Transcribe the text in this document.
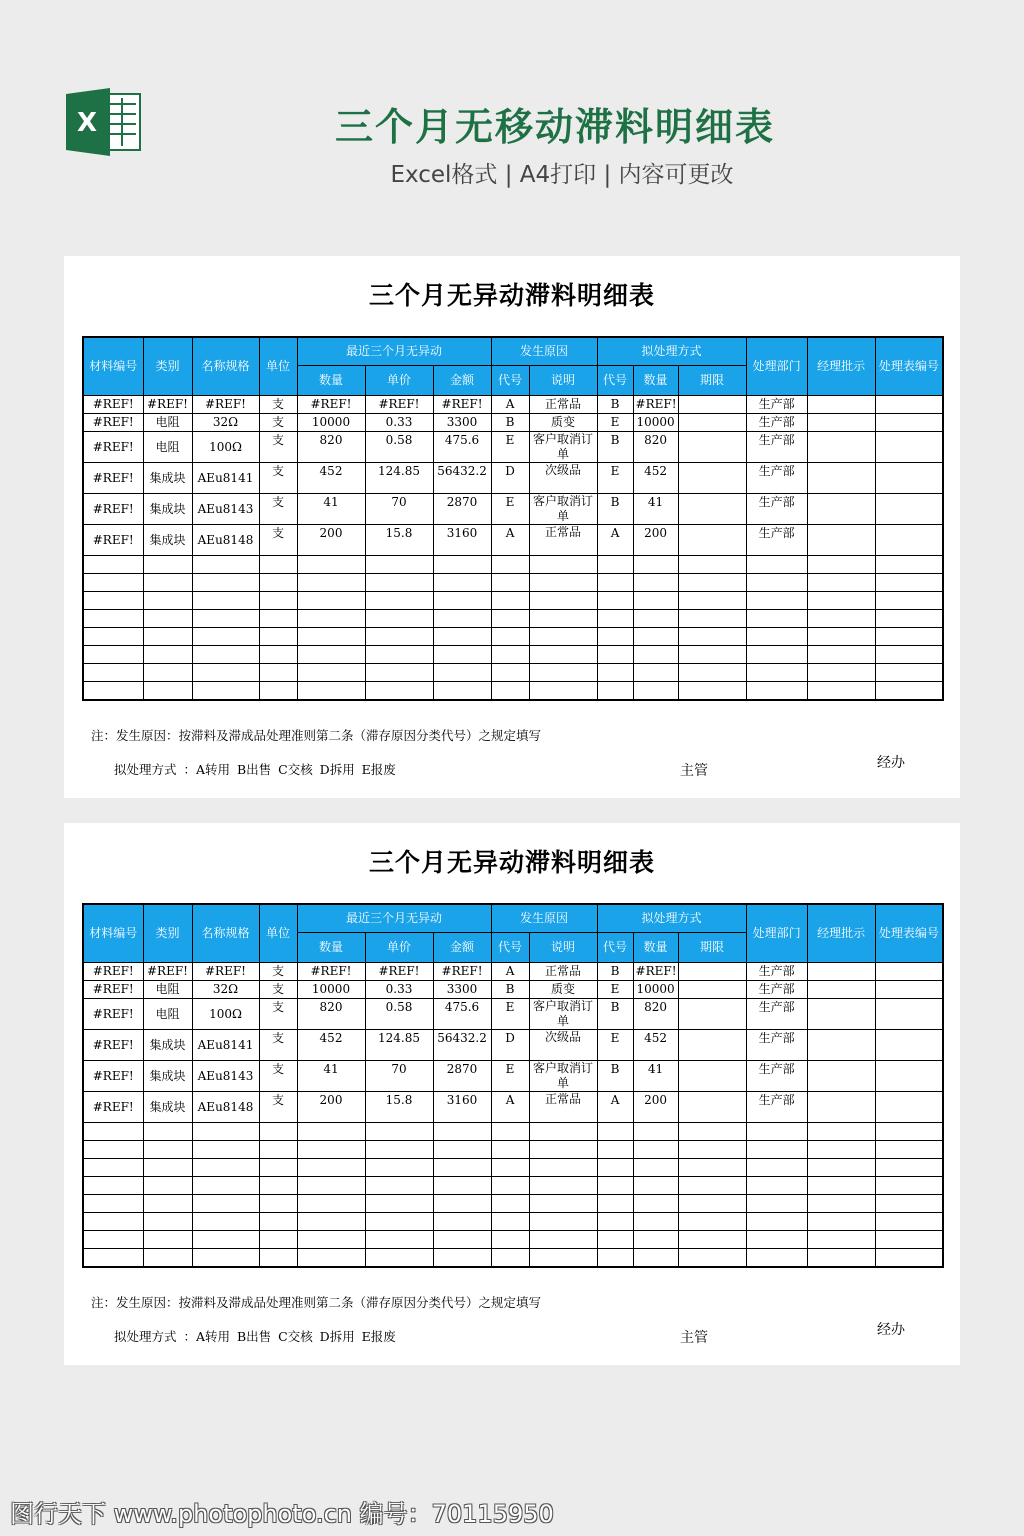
X	三个月无移动滞料明细表
Excel格式 | A4打印 | 内容可更改
三个月无异动滞料明细表
材料编号	类别	名称规格	单位	最近三个月无异动			发生原因		拟处理方式			处理部门	经理批示	处理表编号
				数量	单价	金额	代号	说明	代号	数量	期限			
#REF!	#REF!	#REF!	支	#REF!	#REF!	#REF!	A	正常品	B	#REF!		生产部		
#REF!	电阻	32Ω	支	10000	0.33	3300	B	质变	E	10000		生产部		
#REF!	电阻	100Ω	支	820	0.58	475.6	E	客户取消订单	B	820		生产部		
#REF!	集成块	AEu8141	支	452	124.85	56432.2	D	次级品	E	452		生产部		
#REF!	集成块	AEu8143	支	41	70	2870	E	客户取消订单	B	41		生产部		
#REF!	集成块	AEu8148	支	200	15.8	3160	A	正常品	A	200		生产部		

注：发生原因：按滞料及滞成品处理准则第二条（滞存原因分类代号）之规定填写
拟处理方式 ：A转用 B出售 C交核 D拆用 E报废	主管	经办
三个月无异动滞料明细表
材料编号	类别	名称规格	单位	最近三个月无异动			发生原因		拟处理方式			处理部门	经理批示	处理表编号
				数量	单价	金额	代号	说明	代号	数量	期限			
#REF!	#REF!	#REF!	支	#REF!	#REF!	#REF!	A	正常品	B	#REF!		生产部		
#REF!	电阻	32Ω	支	10000	0.33	3300	B	质变	E	10000		生产部		
#REF!	电阻	100Ω	支	820	0.58	475.6	E	客户取消订单	B	820		生产部		
#REF!	集成块	AEu8141	支	452	124.85	56432.2	D	次级品	E	452		生产部		
#REF!	集成块	AEu8143	支	41	70	2870	E	客户取消订单	B	41		生产部		
#REF!	集成块	AEu8148	支	200	15.8	3160	A	正常品	A	200		生产部		

注：发生原因：按滞料及滞成品处理准则第二条（滞存原因分类代号）之规定填写
拟处理方式 ：A转用 B出售 C交核 D拆用 E报废	主管	经办
图行天下 www.photophoto.cn 编号：70115950
